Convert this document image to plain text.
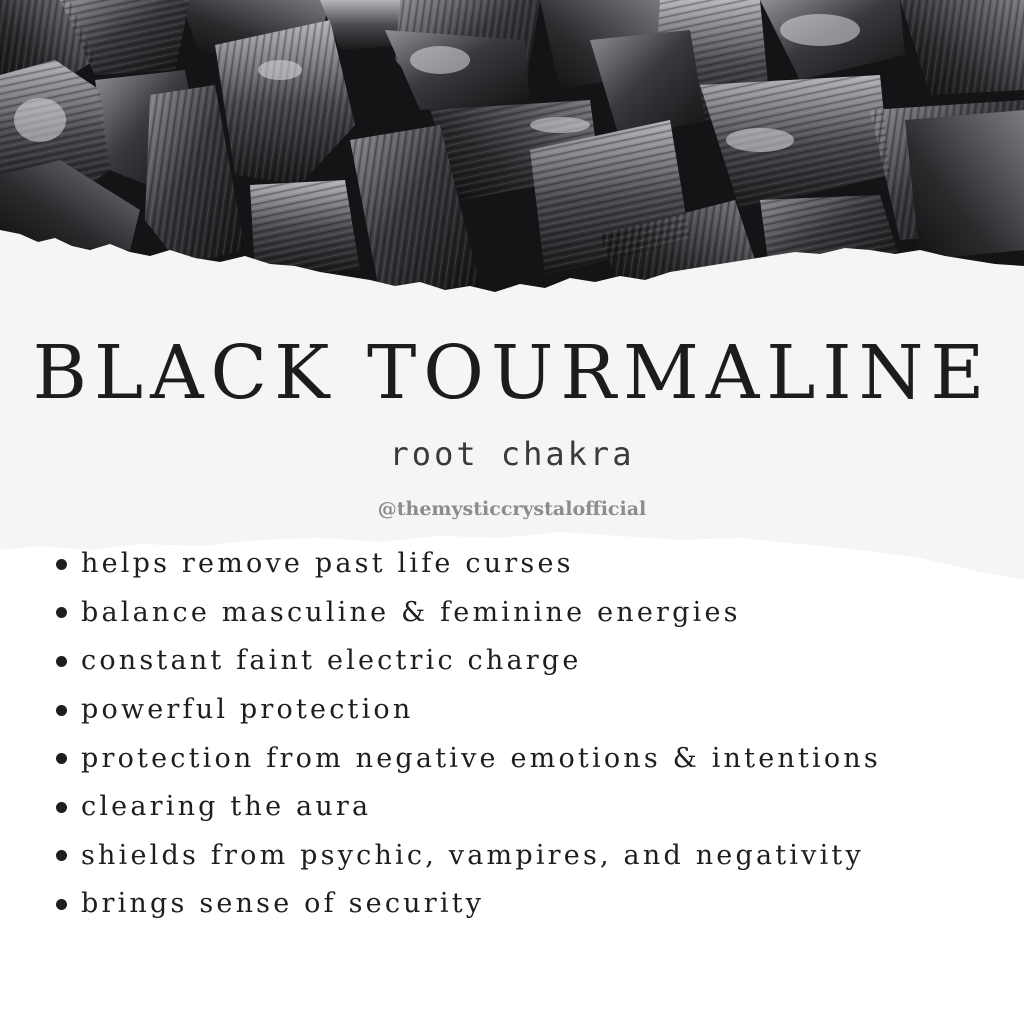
BLACK TOURMALINE
root chakra
@themysticcrystalofficial
helps remove past life curses
balance masculine & feminine energies
constant faint electric charge
powerful protection
protection from negative emotions & intentions
clearing the aura
shields from psychic, vampires, and negativity
brings sense of security
